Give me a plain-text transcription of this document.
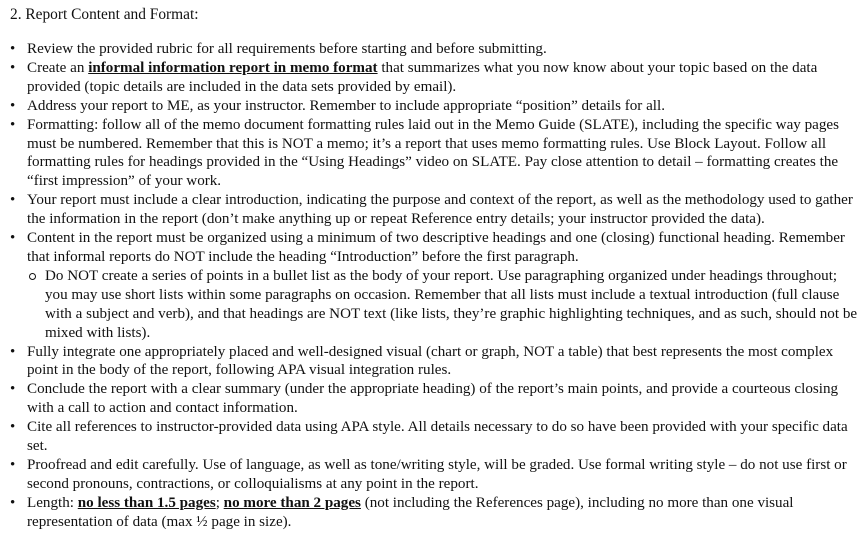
2. Report Content and Format:
• Review the provided rubric for all requirements before starting and before submitting.
• Create an informal information report in memo format that summarizes what you now know about your topic based on the data provided (topic details are included in the data sets provided by email).
• Address your report to ME, as your instructor. Remember to include appropriate “position” details for all.
• Formatting: follow all of the memo document formatting rules laid out in the Memo Guide (SLATE), including the specific way pages must be numbered. Remember that this is NOT a memo; it’s a report that uses memo formatting rules. Use Block Layout. Follow all formatting rules for headings provided in the “Using Headings” video on SLATE. Pay close attention to detail – formatting creates the “first impression” of your work.
• Your report must include a clear introduction, indicating the purpose and context of the report, as well as the methodology used to gather the information in the report (don’t make anything up or repeat Reference entry details; your instructor provided the data).
• Content in the report must be organized using a minimum of two descriptive headings and one (closing) functional heading. Remember that informal reports do NOT include the heading “Introduction” before the first paragraph.
Do NOT create a series of points in a bullet list as the body of your report. Use paragraphing organized under headings throughout; you may use short lists within some paragraphs on occasion. Remember that all lists must include a textual introduction (full clause with a subject and verb), and that headings are NOT text (like lists, they’re graphic highlighting techniques, and as such, should not be mixed with lists).
• Fully integrate one appropriately placed and well-designed visual (chart or graph, NOT a table) that best represents the most complex point in the body of the report, following APA visual integration rules.
• Conclude the report with a clear summary (under the appropriate heading) of the report’s main points, and provide a courteous closing with a call to action and contact information.
• Cite all references to instructor-provided data using APA style. All details necessary to do so have been provided with your specific data set.
• Proofread and edit carefully. Use of language, as well as tone/writing style, will be graded. Use formal writing style – do not use first or second pronouns, contractions, or colloquialisms at any point in the report.
• Length: no less than 1.5 pages; no more than 2 pages (not including the References page), including no more than one visual representation of data (max ½ page in size).
